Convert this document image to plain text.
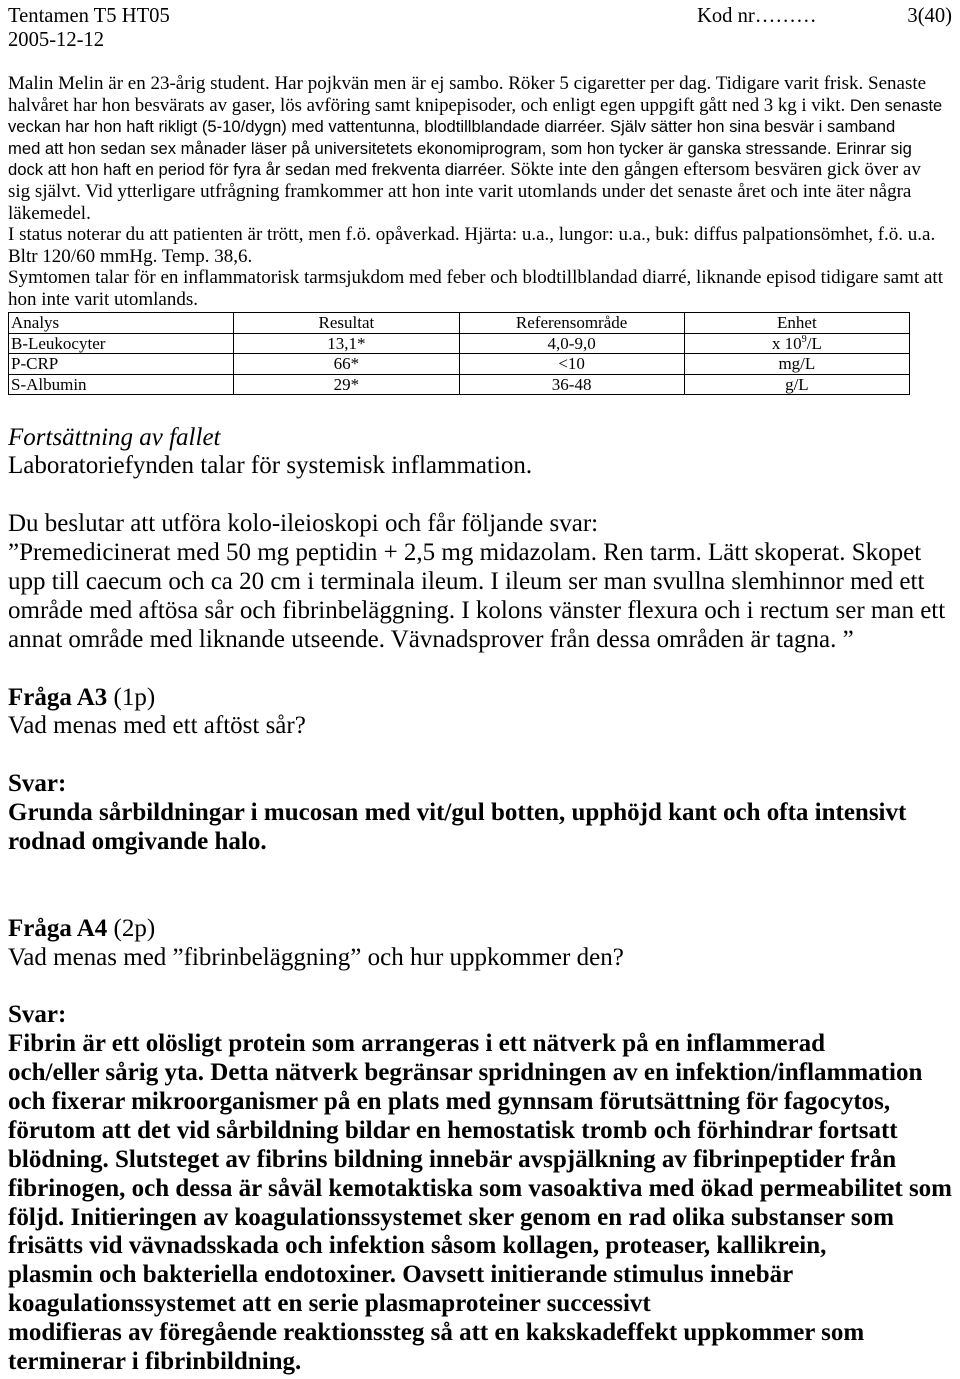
Tentamen T5 HT05
2005-12-12
Kod nr………	3(40)
Malin Melin är en 23-årig student. Har pojkvän men är ej sambo. Röker 5 cigaretter per dag. Tidigare varit frisk. Senaste
halvåret har hon besvärats av gaser, lös avföring samt knipepisoder, och enligt egen uppgift gått ned 3 kg i vikt. Den senaste
veckan har hon haft rikligt (5-10/dygn) med vattentunna, blodtillblandade diarréer. Själv sätter hon sina besvär i samband
med att hon sedan sex månader läser på universitetets ekonomiprogram, som hon tycker är ganska stressande. Erinrar sig
dock att hon haft en period för fyra år sedan med frekventa diarréer. Sökte inte den gången eftersom besvären gick över av
sig självt. Vid ytterligare utfrågning framkommer att hon inte varit utomlands under det senaste året och inte äter några
läkemedel.
I status noterar du att patienten är trött, men f.ö. opåverkad. Hjärta: u.a., lungor: u.a., buk: diffus palpationsömhet, f.ö. u.a.
Bltr 120/60 mmHg. Temp. 38,6.
Symtomen talar för en inflammatorisk tarmsjukdom med feber och blodtillblandad diarré, liknande episod tidigare samt att
hon inte varit utomlands.
Analys	Resultat	Referensområde	Enhet
B-Leukocyter	13,1*	4,0-9,0	x $10^9/L$
P-CRP	66*	<10	mg/L
S-Albumin	29*	36-48	g/L
Fortsättning av fallet
Laboratoriefynden talar för systemisk inflammation.
Du beslutar att utföra kolo-ileioskopi och får följande svar:
”Premedicinerat med 50 mg peptidin + 2,5 mg midazolam. Ren tarm. Lätt skoperat. Skopet
upp till caecum och ca 20 cm i terminala ileum. I ileum ser man svullna slemhinnor med ett
område med aftösa sår och fibrinbeläggning. I kolons vänster flexura och i rectum ser man ett
annat område med liknande utseende. Vävnadsprover från dessa områden är tagna. ”
Fråga A3 (1p)
Vad menas med ett aftöst sår?
Svar:
Grunda sårbildningar i mucosan med vit/gul botten, upphöjd kant och ofta intensivt
rodnad omgivande halo.
Fråga A4 (2p)
Vad menas med ”fibrinbeläggning” och hur uppkommer den?
Svar:
Fibrin är ett olösligt protein som arrangeras i ett nätverk på en inflammerad
och/eller sårig yta. Detta nätverk begränsar spridningen av en infektion/inflammation
och fixerar mikroorganismer på en plats med gynnsam förutsättning för fagocytos,
förutom att det vid sårbildning bildar en hemostatisk tromb och förhindrar fortsatt
blödning. Slutsteget av fibrins bildning innebär avspjälkning av fibrinpeptider från
fibrinogen, och dessa är såväl kemotaktiska som vasoaktiva med ökad permeabilitet som
följd. Initieringen av koagulationssystemet sker genom en rad olika substanser som
frisätts vid vävnadsskada och infektion såsom kollagen, proteaser, kallikrein,
plasmin och bakteriella endotoxiner. Oavsett initierande stimulus innebär
koagulationssystemet att en serie plasmaproteiner successivt
modifieras av föregående reaktionssteg så att en kakskadeffekt uppkommer som
terminerar i fibrinbildning.
